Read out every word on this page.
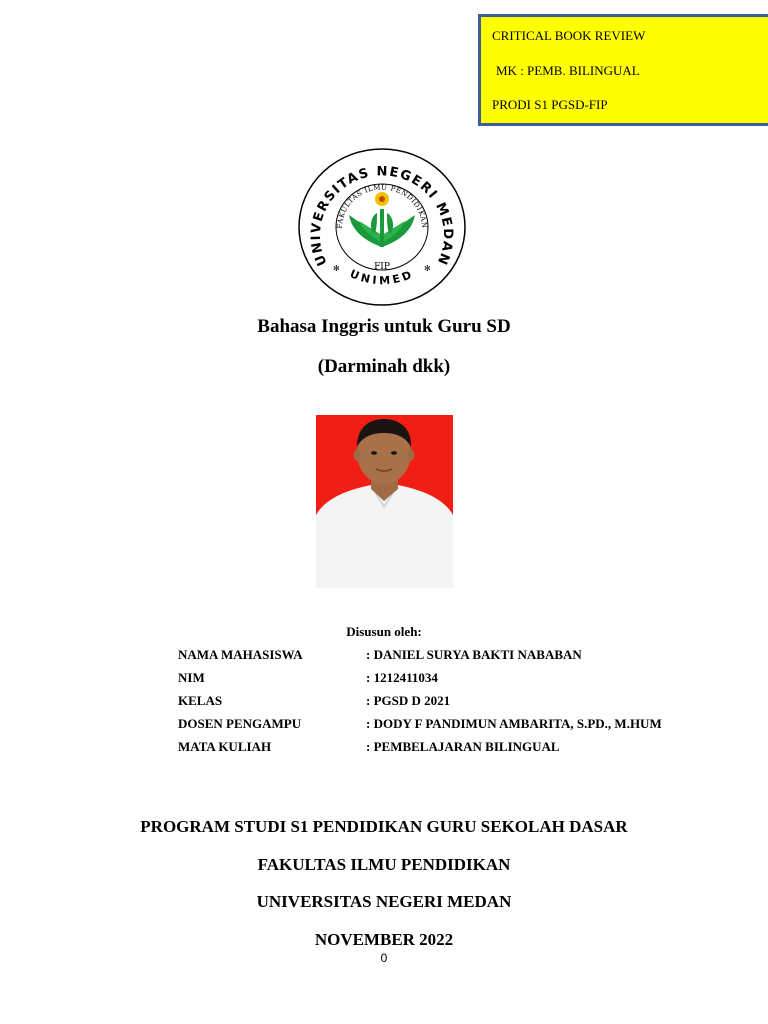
CRITICAL BOOK REVIEW
MK : PEMB. BILINGUAL
PRODI S1 PGSD-FIP
UNIVERSITAS NEGERI MEDAN
FAKULTAS ILMU PENDIDIKAN
UNIMED
FIP
✻	✻
Bahasa Inggris untuk Guru SD
(Darminah dkk)
Disusun oleh:
NAMA MAHASISWA	: DANIEL SURYA BAKTI NABABAN
NIM	: 1212411034
KELAS	: PGSD D 2021
DOSEN PENGAMPU	: DODY F PANDIMUN AMBARITA, S.PD., M.HUM
MATA KULIAH	: PEMBELAJARAN BILINGUAL
PROGRAM STUDI S1 PENDIDIKAN GURU SEKOLAH DASAR
FAKULTAS ILMU PENDIDIKAN
UNIVERSITAS NEGERI MEDAN
NOVEMBER 2022
0
